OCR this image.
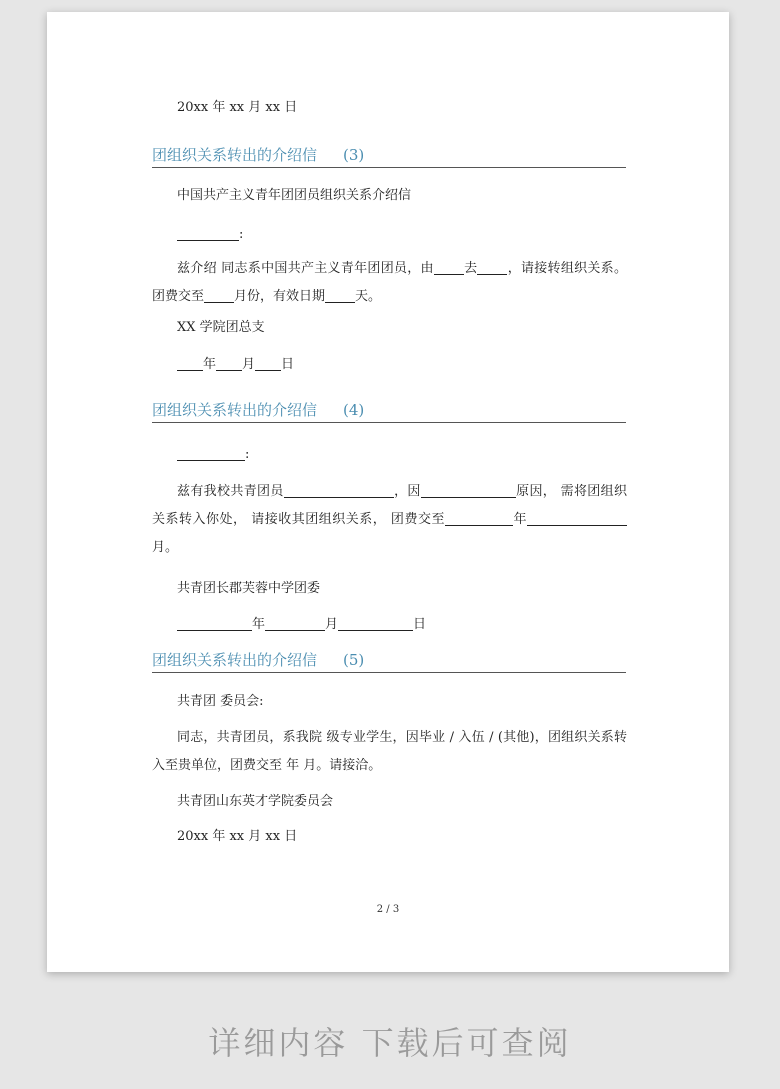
20xx 年 xx 月 xx 日
团组织关系转出的介绍信 (3)
中国共产主义青年团团员组织关系介绍信
:
兹介绍 同志系中国共产主义青年团团员，由 去 ，请接转组织关系。团费交至 月份，有效日期 天。
XX 学院团总支
年 月 日
团组织关系转出的介绍信 (4)
:
兹有我校共青团员	，因	原因， 需将团组织关系转入你处， 请接收其团组织关系， 团费交至	年月。
共青团长郡芙蓉中学团委
年	月	日
团组织关系转出的介绍信 (5)
共青团 委员会:
同志，共青团员，系我院 级专业学生，因毕业 / 入伍 / (其他)，团组织关系转入至贵单位，团费交至 年 月。请接洽。
共青团山东英才学院委员会
20xx 年 xx 月 xx 日
2 / 3
详细内容 下载后可查阅
